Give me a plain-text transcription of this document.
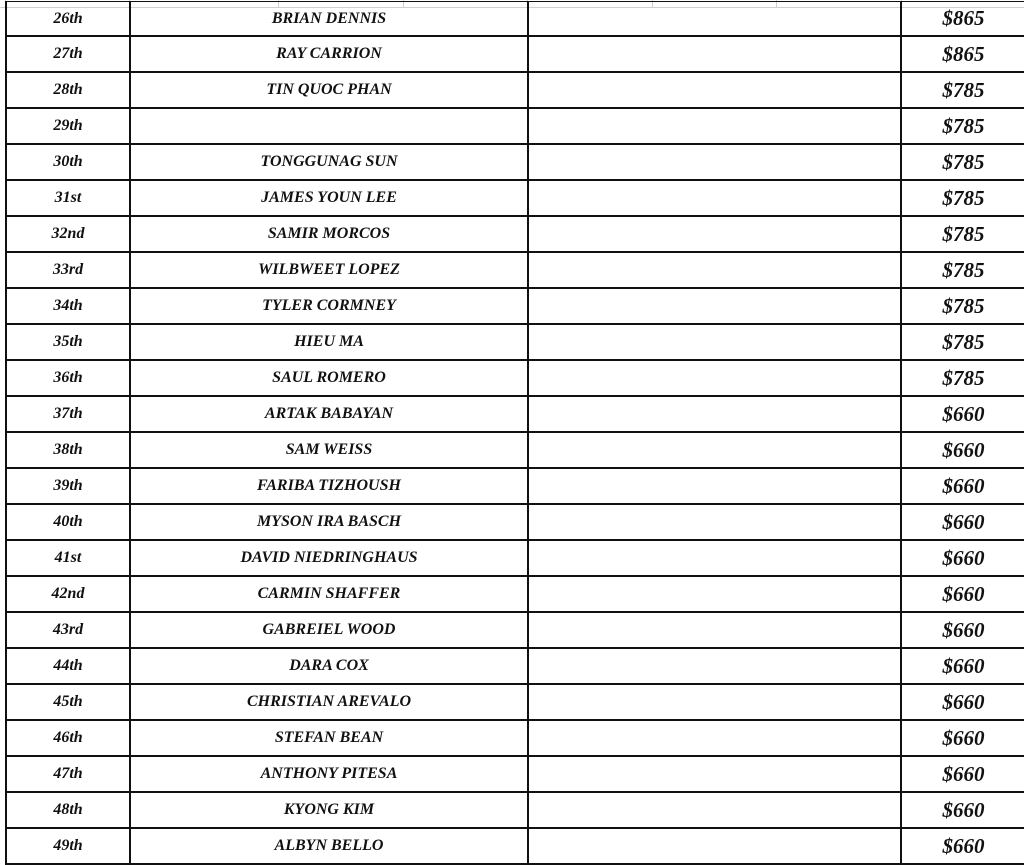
26th	BRIAN DENNIS		$865
27th	RAY CARRION		$865
28th	TIN QUOC PHAN		$785
29th			$785
30th	TONGGUNAG SUN		$785
31st	JAMES YOUN LEE		$785
32nd	SAMIR MORCOS		$785
33rd	WILBWEET LOPEZ		$785
34th	TYLER CORMNEY		$785
35th	HIEU MA		$785
36th	SAUL ROMERO		$785
37th	ARTAK BABAYAN		$660
38th	SAM WEISS		$660
39th	FARIBA TIZHOUSH		$660
40th	MYSON IRA BASCH		$660
41st	DAVID NIEDRINGHAUS		$660
42nd	CARMIN SHAFFER		$660
43rd	GABREIEL WOOD		$660
44th	DARA COX		$660
45th	CHRISTIAN AREVALO		$660
46th	STEFAN BEAN		$660
47th	ANTHONY PITESA		$660
48th	KYONG KIM		$660
49th	ALBYN BELLO		$660
